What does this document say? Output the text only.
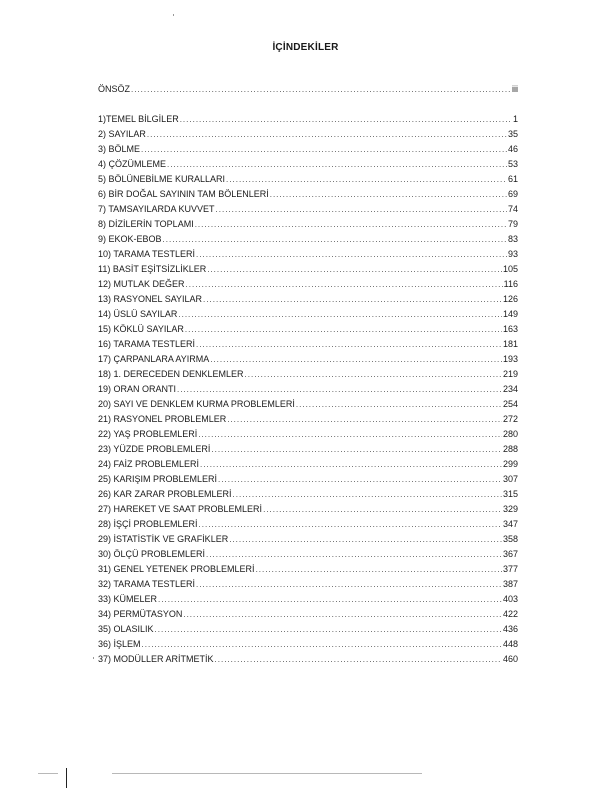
İÇİNDEKİLER
ÖNSÖZ .....	iii
1)TEMEL BİLGİLER .....	1
2) SAYILAR .....	35
3) BÖLME .....	46
4) ÇÖZÜMLEME .....	53
5) BÖLÜNEBİLME KURALLARI .....	61
6) BİR DOĞAL SAYININ TAM BÖLENLERİ .....	69
7) TAMSAYILARDA KUVVET .....	74
8) DİZİLERİN TOPLAMI .....	79
9) EKOK-EBOB .....	83
10) TARAMA TESTLERİ .....	93
11) BASİT EŞİTSİZLİKLER .....	105
12) MUTLAK DEĞER .....	116
13) RASYONEL SAYILAR .....	126
14) ÜSLÜ SAYILAR .....	149
15) KÖKLÜ SAYILAR .....	163
16) TARAMA TESTLERİ .....	181
17) ÇARPANLARA AYIRMA .....	193
18) 1. DERECEDEN DENKLEMLER .....	219
19) ORAN ORANTI .....	234
20) SAYI VE DENKLEM KURMA PROBLEMLERİ .....	254
21) RASYONEL PROBLEMLER .....	272
22) YAŞ PROBLEMLERİ .....	280
23) YÜZDE PROBLEMLERİ .....	288
24) FAİZ PROBLEMLERİ .....	299
25) KARIŞIM PROBLEMLERİ .....	307
26) KAR ZARAR PROBLEMLERİ .....	315
27) HAREKET VE SAAT PROBLEMLERİ .....	329
28) İŞÇİ PROBLEMLERİ .....	347
29) İSTATİSTİK VE GRAFİKLER .....	358
30) ÖLÇÜ PROBLEMLERİ .....	367
31) GENEL YETENEK PROBLEMLERİ .....	377
32) TARAMA TESTLERİ .....	387
33) KÜMELER .....	403
34) PERMÜTASYON .....	422
35) OLASILIK .....	436
36) İŞLEM .....	448
37) MODÜLLER ARİTMETİK .....	460
